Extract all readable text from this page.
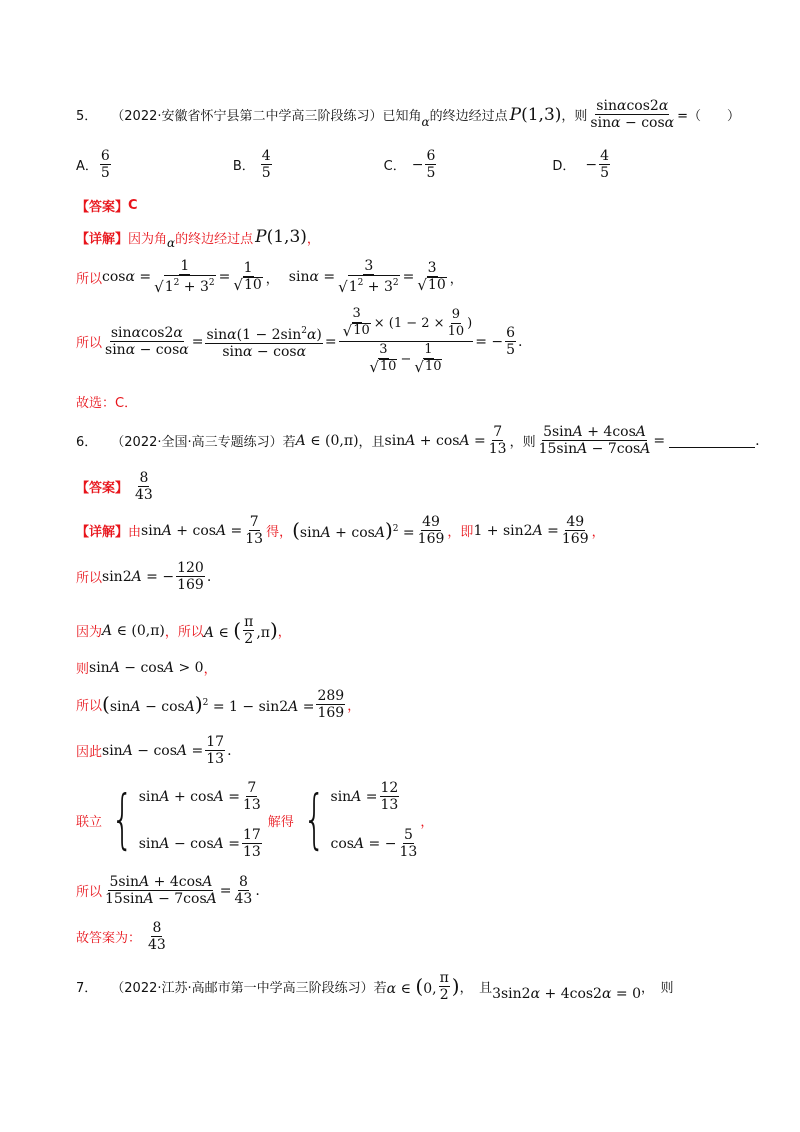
5． （2022·安徽省怀宁县第二中学高三阶段练习） 已知角 α 的终边经过点 P(1,3) ，则 $\frac{\sin\alpha\cos 2\alpha}{\sin\alpha - \cos\alpha}$ =（　　）
A． $\frac{6}{5}$	B． $\frac{4}{5}$	C． − $\frac{6}{5}$	D． − $\frac{4}{5}$
【答案】 C
【详解】 因为角 α 的终边经过点 P(1,3) ，
所以 $\cos\alpha = \frac{1}{√ 1^2 + 3^2} = \frac{1}{√ 10}$ ， $\sin\alpha = \frac{3}{√ 1^2 + 3^2} = \frac{3}{√ 10}$ ，
所以 $\frac{\sin\alpha\cos 2\alpha}{\sin\alpha - \cos\alpha} = \frac{\sin\alpha(1 - 2\sin^2\alpha)}{\sin\alpha - \cos\alpha} = \frac{\frac{3}{√ 10} \times (1 - 2 \times \frac{9}{10} )}{\frac{3}{√ 10} - \frac{1}{√ 10}}$ = − $\frac{6}{5}$ .
故选：C．
6． （2022·全国·高三专题练习） 若 A ∈ (0,π) ，且 $\sin A + \cos A = \frac{7}{13}$ ，则 $\frac{5\sin A + 4\cos A}{15\sin A - 7\cos A}$ =	.
【答案】 $\frac{8}{43}$
【详解】 由 $\sin A + \cos A = \frac{7}{13}$ 得， $(\sin A + \cos A)^2 = \frac{49}{169}$ ， 即 $1 + \sin 2A = \frac{49}{169}$ ，
所以 sin2A = − $\frac{120}{169}$ .
因为 A ∈ (0,π) ，所以 A ∈ ( $\frac{\pi}{2} ,\pi$) ，
则 sinA − cosA > 0 ，
所以 $(\sin A - \cos A)^2 = 1 - \sin 2A = \frac{289}{169}$ ，
因此 $\sin A - \cos A = \frac{17}{13}$ .
联立 { $\sin A + \cos A = \frac{7}{13}$
$\sin A - \cos A = \frac{17}{13}$
解得 { $\sin A = \frac{12}{13}$
cosA = − $\frac{5}{13}$
，
所以 $\frac{5\sin A + 4\cos A}{15\sin A - 7\cos A} = \frac{8}{43}$ .
故答案为： $\frac{8}{43}$
7． （2022·江苏·高邮市第一中学高三阶段练习） 若 α ∈ (0, $\frac{\pi}{2}$ ) ，　且 3sin2α + 4cos2α = 0 ，　则
